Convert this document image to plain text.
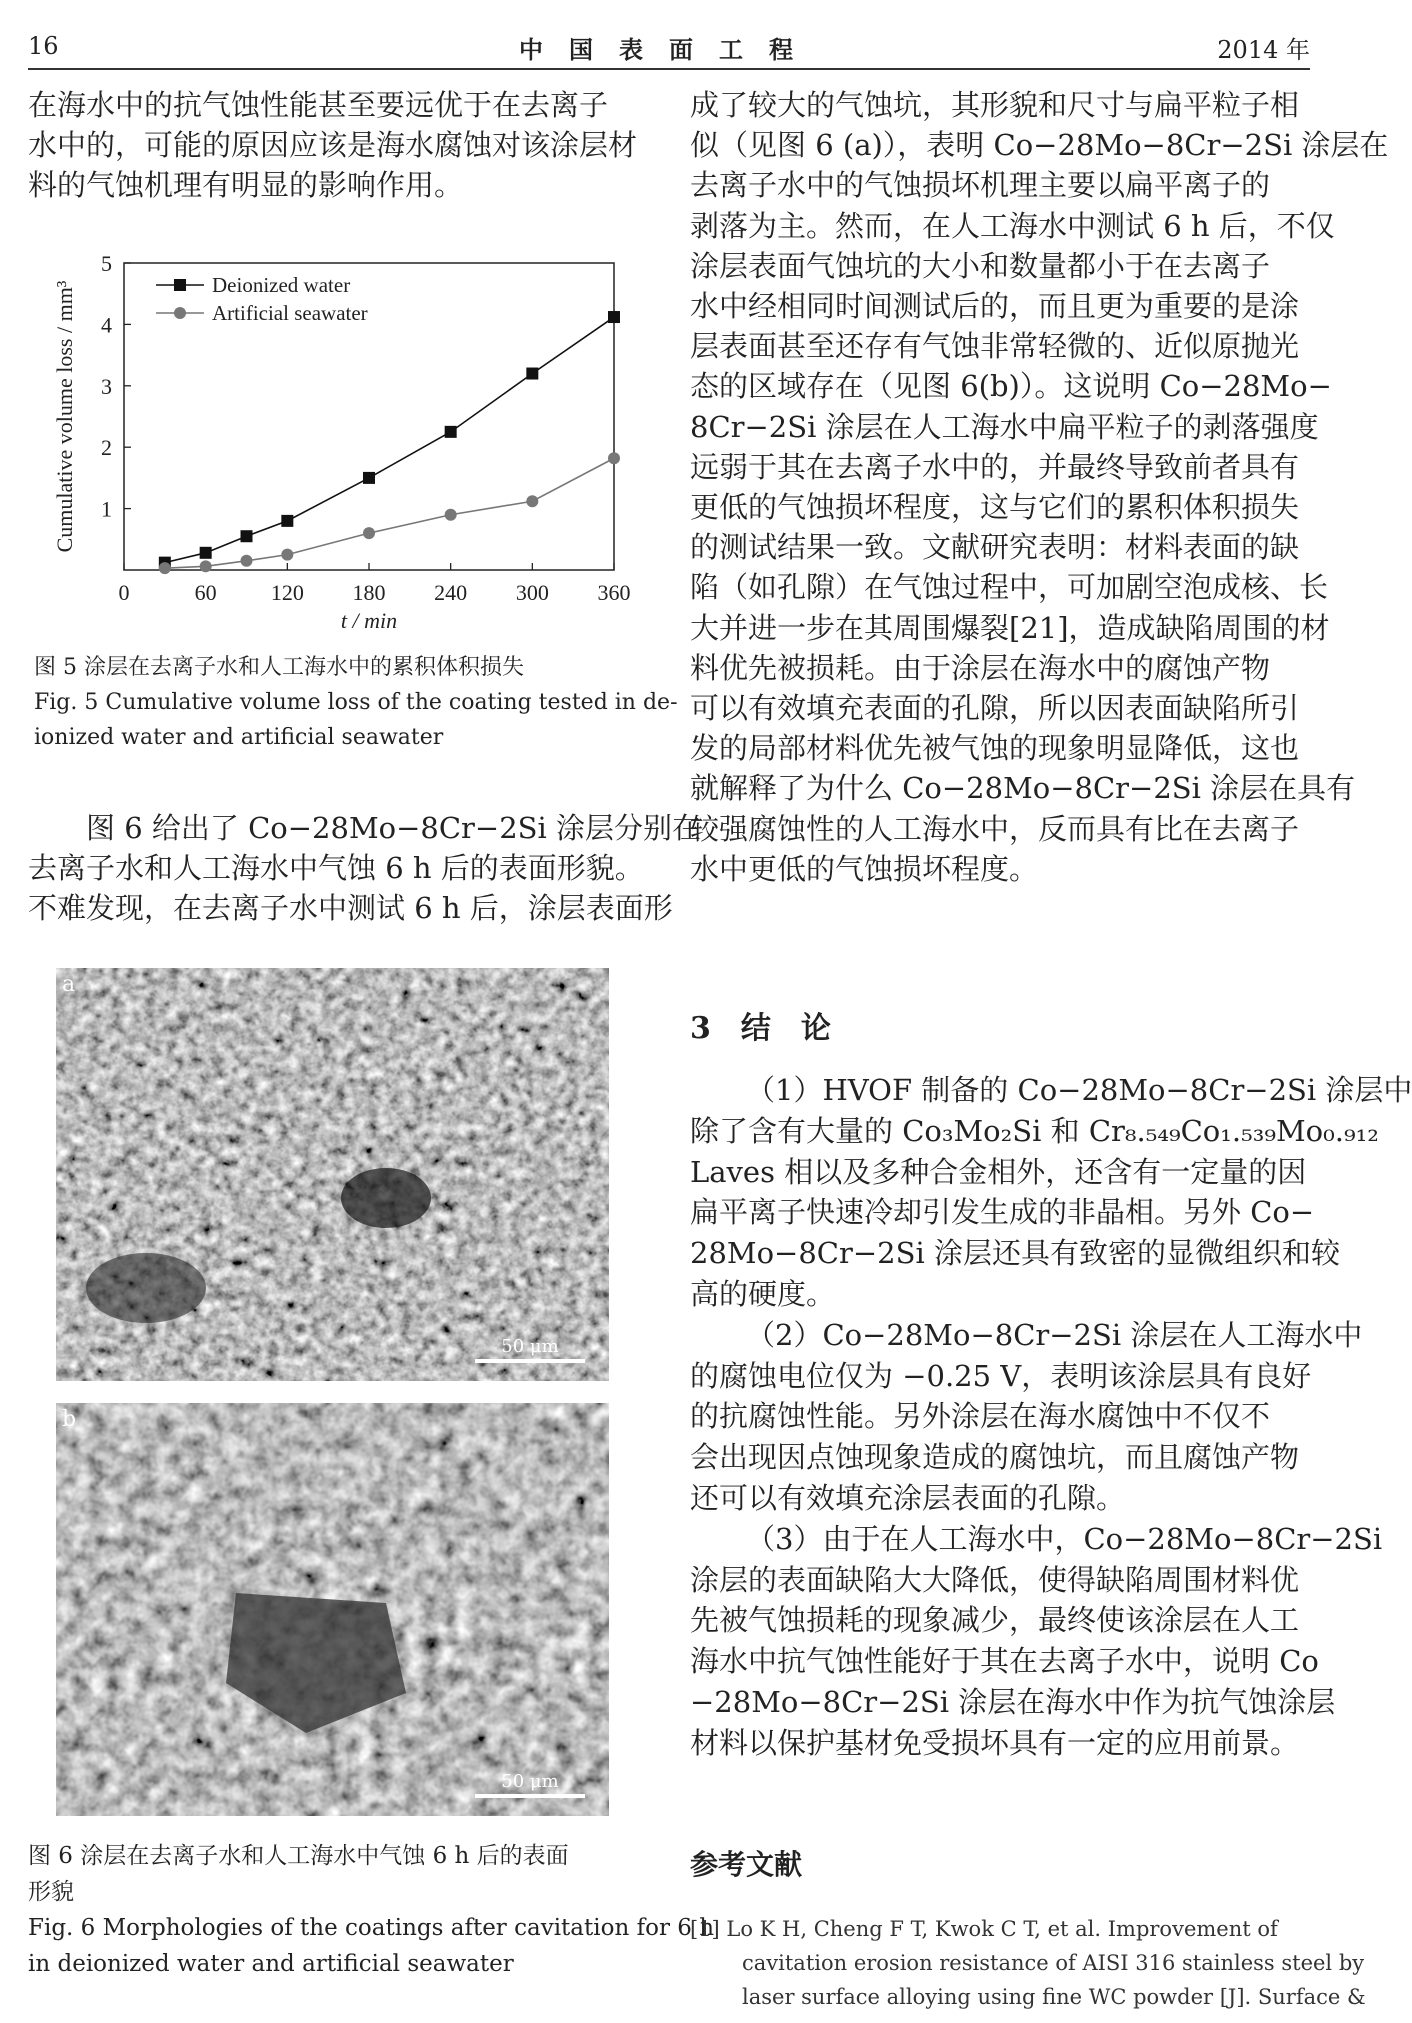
16	中国表面工程	2014 年
在海水中的抗气蚀性能甚至要远优于在去离子
水中的，可能的原因应该是海水腐蚀对该涂层材
料的气蚀机理有明显的影响作用。
0	60 120 180 240 300 360
1
2
3
4
5
t / min
Cumulative volume loss / mm³	Deionized water
Artificial seawater
图 5 涂层在去离子水和人工海水中的累积体积损失
Fig. 5 Cumulative volume loss of the coating tested in de-
ionized water and artificial seawater
图 6 给出了 Co−28Mo−8Cr−2Si 涂层分别在
去离子水和人工海水中气蚀 6 h 后的表面形貌。
不难发现，在去离子水中测试 6 h 后，涂层表面形
a
50 μm
b
50 μm
图 6 涂层在去离子水和人工海水中气蚀 6 h 后的表面
形貌
Fig. 6 Morphologies of the coatings after cavitation for 6 h
in deionized water and artificial seawater
成了较大的气蚀坑，其形貌和尺寸与扁平粒子相
似（见图 6 (a)），表明 Co−28Mo−8Cr−2Si 涂层在
去离子水中的气蚀损坏机理主要以扁平离子的
剥落为主。然而，在人工海水中测试 6 h 后，不仅
涂层表面气蚀坑的大小和数量都小于在去离子
水中经相同时间测试后的，而且更为重要的是涂
层表面甚至还存有气蚀非常轻微的、近似原抛光
态的区域存在（见图 6(b)）。这说明 Co−28Mo−
8Cr−2Si 涂层在人工海水中扁平粒子的剥落强度
远弱于其在去离子水中的，并最终导致前者具有
更低的气蚀损坏程度，这与它们的累积体积损失
的测试结果一致。文献研究表明：材料表面的缺
陷（如孔隙）在气蚀过程中，可加剧空泡成核、长
大并进一步在其周围爆裂[21]，造成缺陷周围的材
料优先被损耗。由于涂层在海水中的腐蚀产物
可以有效填充表面的孔隙，所以因表面缺陷所引
发的局部材料优先被气蚀的现象明显降低，这也
就解释了为什么 Co−28Mo−8Cr−2Si 涂层在具有
较强腐蚀性的人工海水中，反而具有比在去离子
水中更低的气蚀损坏程度。
3　结　论
（1）HVOF 制备的 Co−28Mo−8Cr−2Si 涂层中
除了含有大量的 Co₃Mo₂Si 和 Cr₈.₅₄₉Co₁.₅₃₉Mo₀.₉₁₂
Laves 相以及多种合金相外，还含有一定量的因
扁平离子快速冷却引发生成的非晶相。另外 Co−
28Mo−8Cr−2Si 涂层还具有致密的显微组织和较
高的硬度。
（2）Co−28Mo−8Cr−2Si 涂层在人工海水中
的腐蚀电位仅为 −0.25 V，表明该涂层具有良好
的抗腐蚀性能。另外涂层在海水腐蚀中不仅不
会出现因点蚀现象造成的腐蚀坑，而且腐蚀产物
还可以有效填充涂层表面的孔隙。
（3）由于在人工海水中，Co−28Mo−8Cr−2Si
涂层的表面缺陷大大降低，使得缺陷周围材料优
先被气蚀损耗的现象减少，最终使该涂层在人工
海水中抗气蚀性能好于其在去离子水中，说明 Co
−28Mo−8Cr−2Si 涂层在海水中作为抗气蚀涂层
材料以保护基材免受损坏具有一定的应用前景。
参考文献
[1] Lo K H, Cheng F T, Kwok C T, et al. Improvement of
cavitation erosion resistance of AISI 316 stainless steel by
laser surface alloying using fine WC powder [J]. Surface &
